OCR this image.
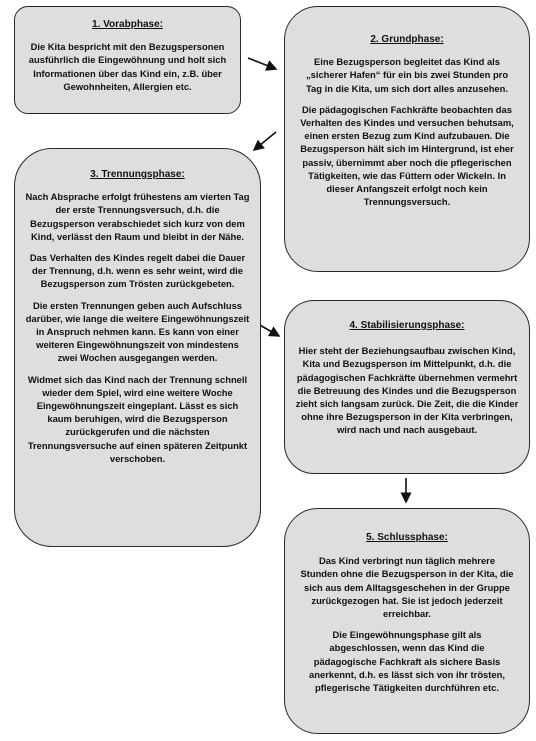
1. Vorabphase:

Die Kita bespricht mit den Bezugspersonen ausführlich die Eingewöhnung und holt sich Informationen über das Kind ein, z.B. über Gewohnheiten, Allergien etc.

2. Grundphase:

Eine Bezugsperson begleitet das Kind als „sicherer Hafen“ für ein bis zwei Stunden pro Tag in die Kita, um sich dort alles anzusehen.

Die pädagogischen Fachkräfte beobachten das Verhalten des Kindes und versuchen behutsam, einen ersten Bezug zum Kind aufzubauen. Die Bezugsperson hält sich im Hintergrund, ist eher passiv, übernimmt aber noch die pflegerischen Tätigkeiten, wie das Füttern oder Wickeln. In dieser Anfangszeit erfolgt noch kein Trennungsversuch.

3. Trennungsphase:

Nach Absprache erfolgt frühestens am vierten Tag der erste Trennungsversuch, d.h. die Bezugsperson verabschiedet sich kurz von dem Kind, verlässt den Raum und bleibt in der Nähe.

Das Verhalten des Kindes regelt dabei die Dauer der Trennung, d.h. wenn es sehr weint, wird die Bezugsperson zum Trösten zurückgebeten.

Die ersten Trennungen geben auch Aufschluss darüber, wie lange die weitere Eingewöhnungszeit in Anspruch nehmen kann. Es kann von einer weiteren Eingewöhnungszeit von mindestens zwei Wochen ausgegangen werden.

Widmet sich das Kind nach der Trennung schnell wieder dem Spiel, wird eine weitere Woche Eingewöhnungszeit eingeplant. Lässt es sich kaum beruhigen, wird die Bezugsperson zurückgerufen und die nächsten Trennungsversuche auf einen späteren Zeitpunkt verschoben.

4. Stabilisierungsphase:

Hier steht der Beziehungsaufbau zwischen Kind, Kita und Bezugsperson im Mittelpunkt, d.h. die pädagogischen Fachkräfte übernehmen vermehrt die Betreuung des Kindes und die Bezugsperson zieht sich langsam zurück. Die Zeit, die die Kinder ohne ihre Bezugsperson in der Kita verbringen, wird nach und nach ausgebaut.

5. Schlussphase:

Das Kind verbringt nun täglich mehrere Stunden ohne die Bezugsperson in der Kita, die sich aus dem Alltagsgeschehen in der Gruppe zurückgezogen hat. Sie ist jedoch jederzeit erreichbar.

Die Eingewöhnungsphase gilt als abgeschlossen, wenn das Kind die pädagogische Fachkraft als sichere Basis anerkennt, d.h. es lässt sich von ihr trösten, pflegerische Tätigkeiten durchführen etc.
